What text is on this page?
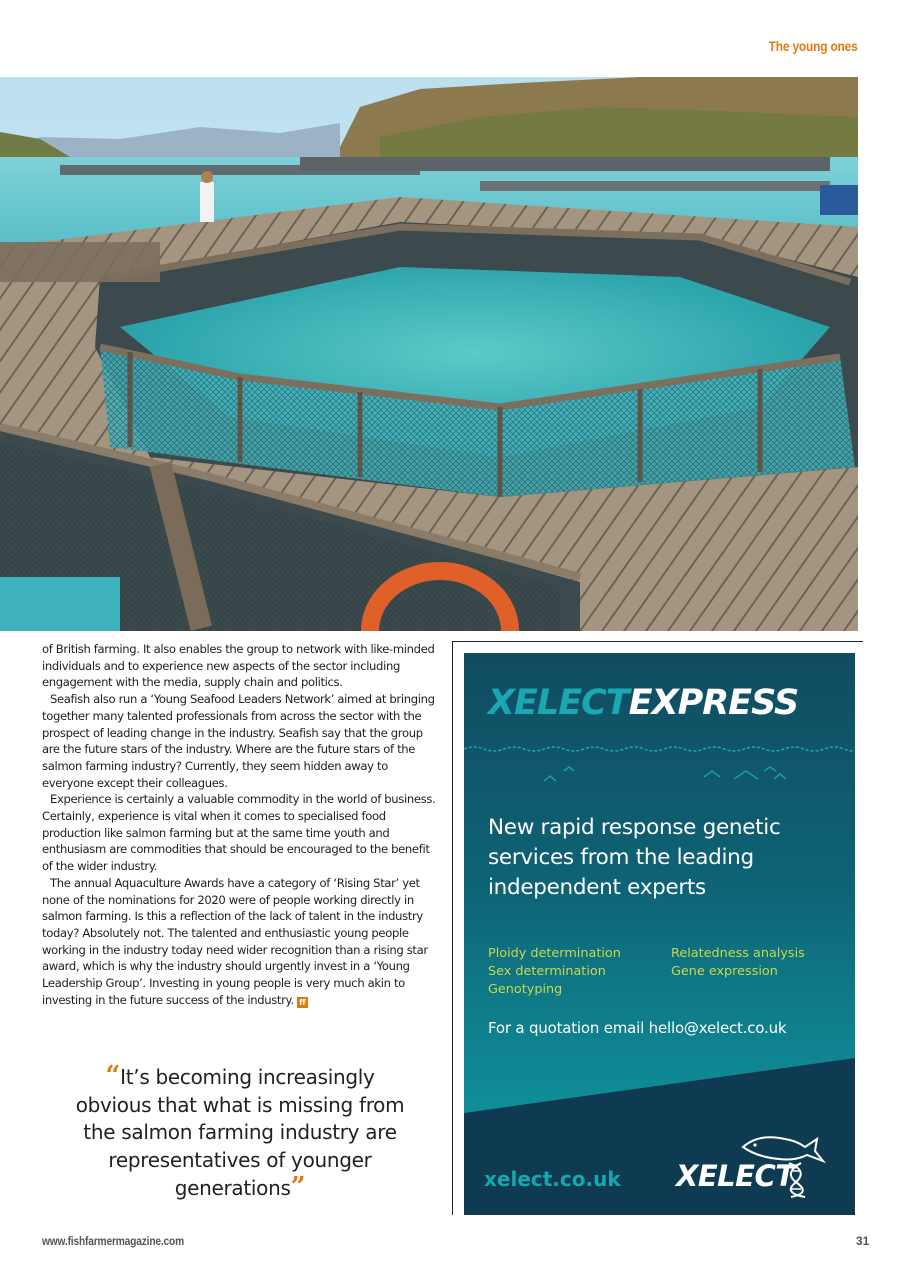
The young ones

of British farming. It also enables the group to network with like-minded individuals and to experience new aspects of the sector including engagement with the media, supply chain and politics.

Seafish also run a ‘Young Seafood Leaders Network’ aimed at bringing together many talented professionals from across the sector with the prospect of leading change in the industry. Seafish say that the group are the future stars of the industry. Where are the future stars of the salmon farming industry? Currently, they seem hidden away to everyone except their colleagues.

Experience is certainly a valuable commodity in the world of business. Certainly, experience is vital when it comes to specialised food production like salmon farming but at the same time youth and enthusiasm are commodities that should be encouraged to the benefit of the wider industry.

The annual Aquaculture Awards have a category of ‘Rising Star’ yet none of the nominations for 2020 were of people working directly in salmon farming. Is this a reflection of the lack of talent in the industry today? Absolutely not. The talented and enthusiastic young people working in the industry today need wider recognition than a rising star award, which is why the industry should urgently invest in a ‘Young Leadership Group’. Investing in young people is very much akin to investing in the future success of the industry. ff

“It’s becoming increasingly obvious that what is missing from the salmon farming industry are representatives of younger generations”
XELECTEXPRESS
New rapid response genetic services from the leading independent experts
Ploidy determination
Sex determination
Genotyping
Relatedness analysis
Gene expression
For a quotation email hello@xelect.co.uk
xelect.co.uk XELECT
www.fishfarmermagazine.com	31
